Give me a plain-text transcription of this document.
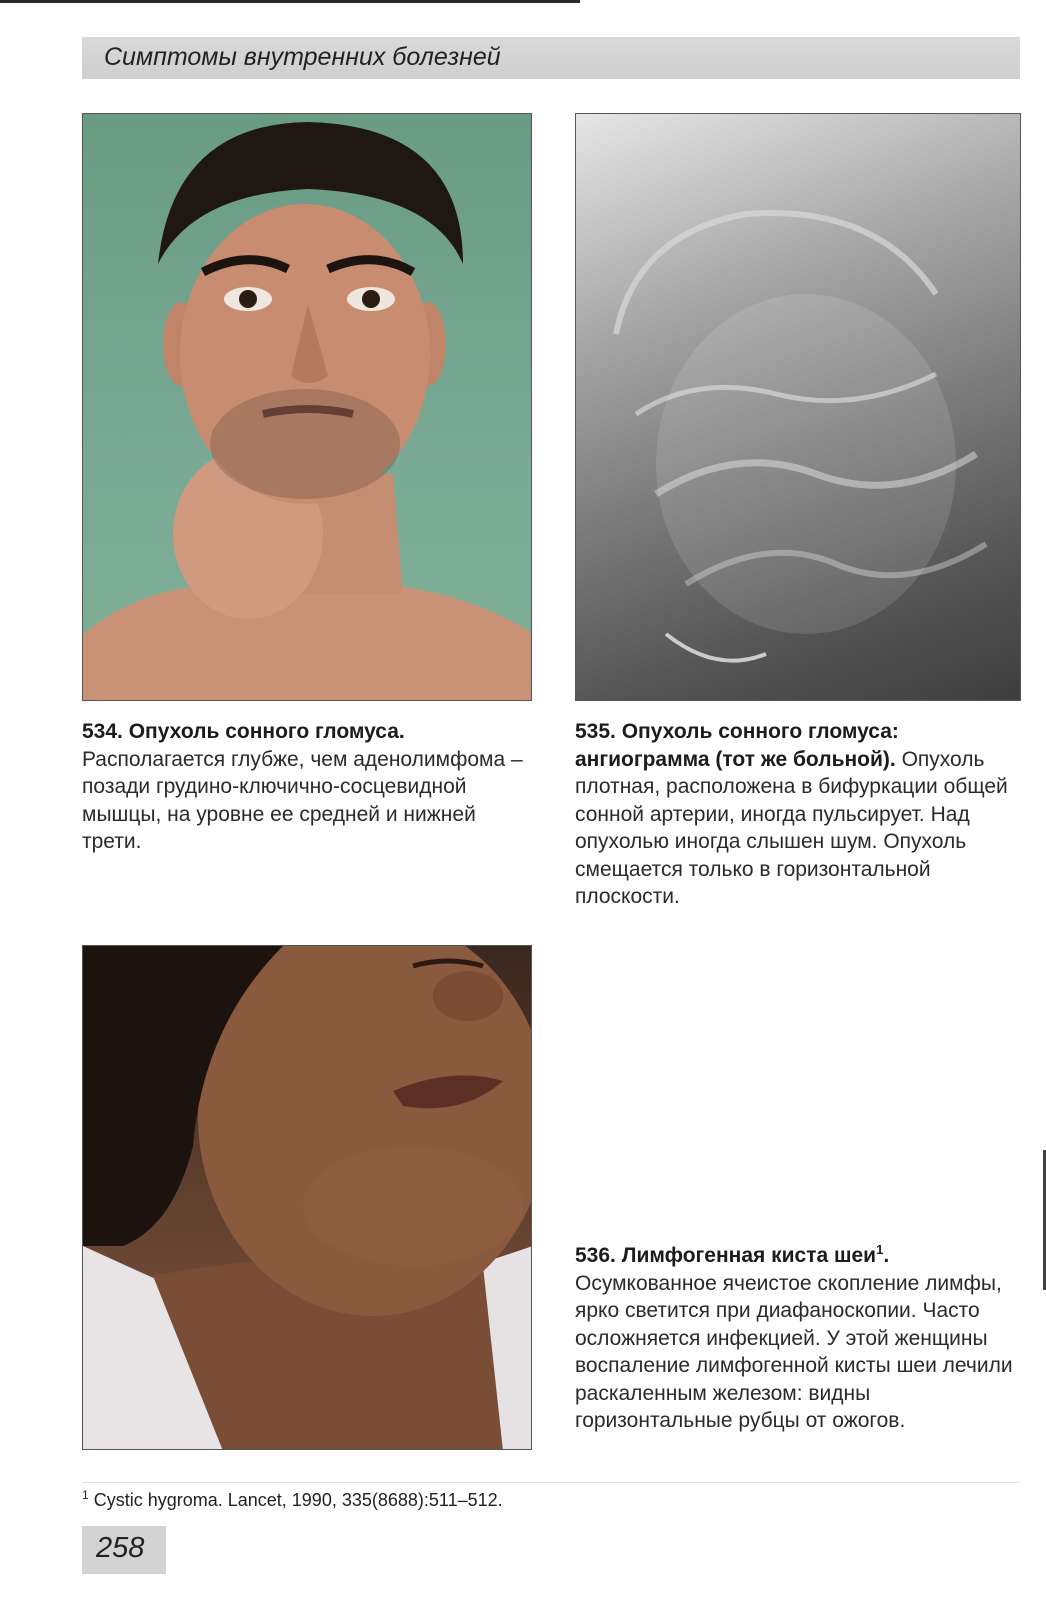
Симптомы внутренних болезней
534. Опухоль сонного гломуса. Располагается глубже, чем аденолимфома – позади грудино-ключично-сосцевидной мышцы, на уровне ее средней и нижней трети.
535. Опухоль сонного гломуса: ангиограмма (тот же больной). Опухоль плотная, расположена в бифуркации общей сонной артерии, иногда пульсирует. Над опухолью иногда слышен шум. Опухоль смещается только в горизонтальной плоскости.
536. Лимфогенная киста шеи$^1$. Осумкованное ячеистое скопление лимфы, ярко светится при диафаноскопии. Часто осложняется инфекцией. У этой женщины воспаление лимфогенной кисты шеи лечили раскаленным железом: видны горизонтальные рубцы от ожогов.
$^1$ Cystic hygroma. Lancet, 1990, 335(8688):511–512.
258
